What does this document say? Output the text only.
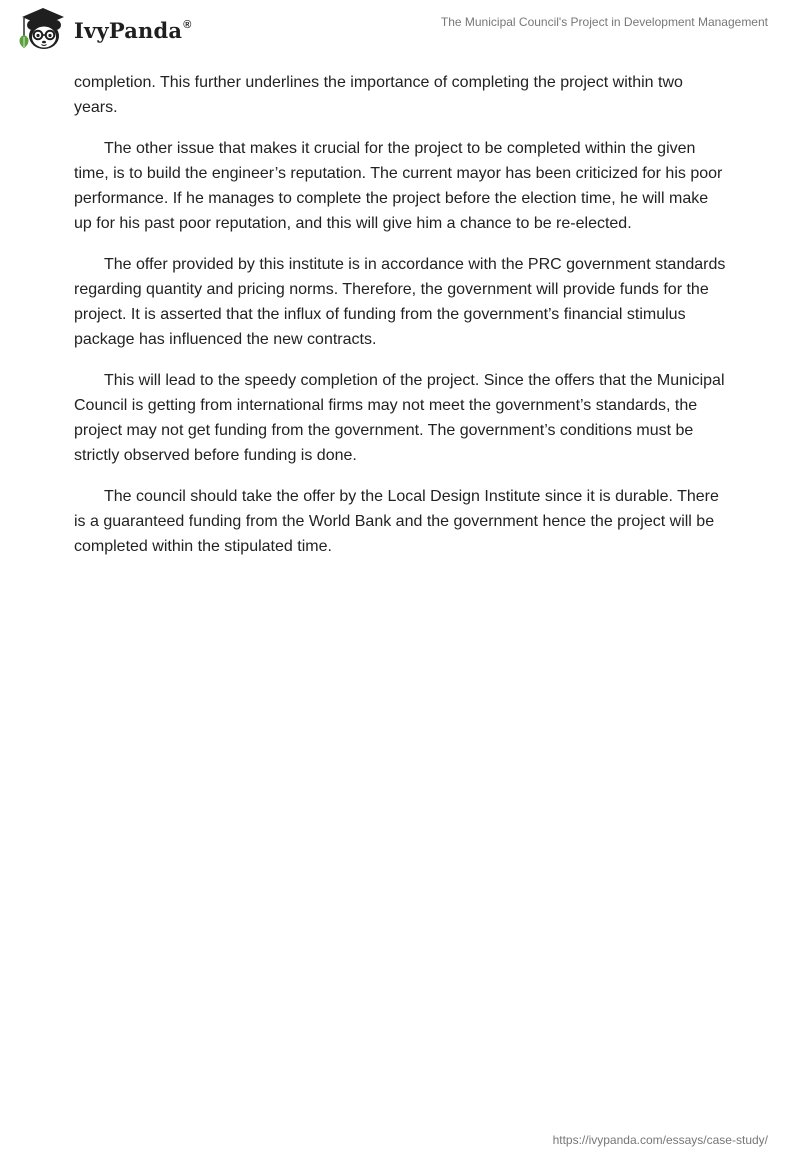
IvyPanda®	The Municipal Council's Project in Development Management

completion. This further underlines the importance of completing the project within two years.

The other issue that makes it crucial for the project to be completed within the given time, is to build the engineer’s reputation. The current mayor has been criticized for his poor performance. If he manages to complete the project before the election time, he will make up for his past poor reputation, and this will give him a chance to be re-elected.

The offer provided by this institute is in accordance with the PRC government standards regarding quantity and pricing norms. Therefore, the government will provide funds for the project. It is asserted that the influx of funding from the government’s financial stimulus package has influenced the new contracts.

This will lead to the speedy completion of the project. Since the offers that the Municipal Council is getting from international firms may not meet the government’s standards, the project may not get funding from the government. The government’s conditions must be strictly observed before funding is done.

The council should take the offer by the Local Design Institute since it is durable. There is a guaranteed funding from the World Bank and the government hence the project will be completed within the stipulated time.

https://ivypanda.com/essays/case-study/
